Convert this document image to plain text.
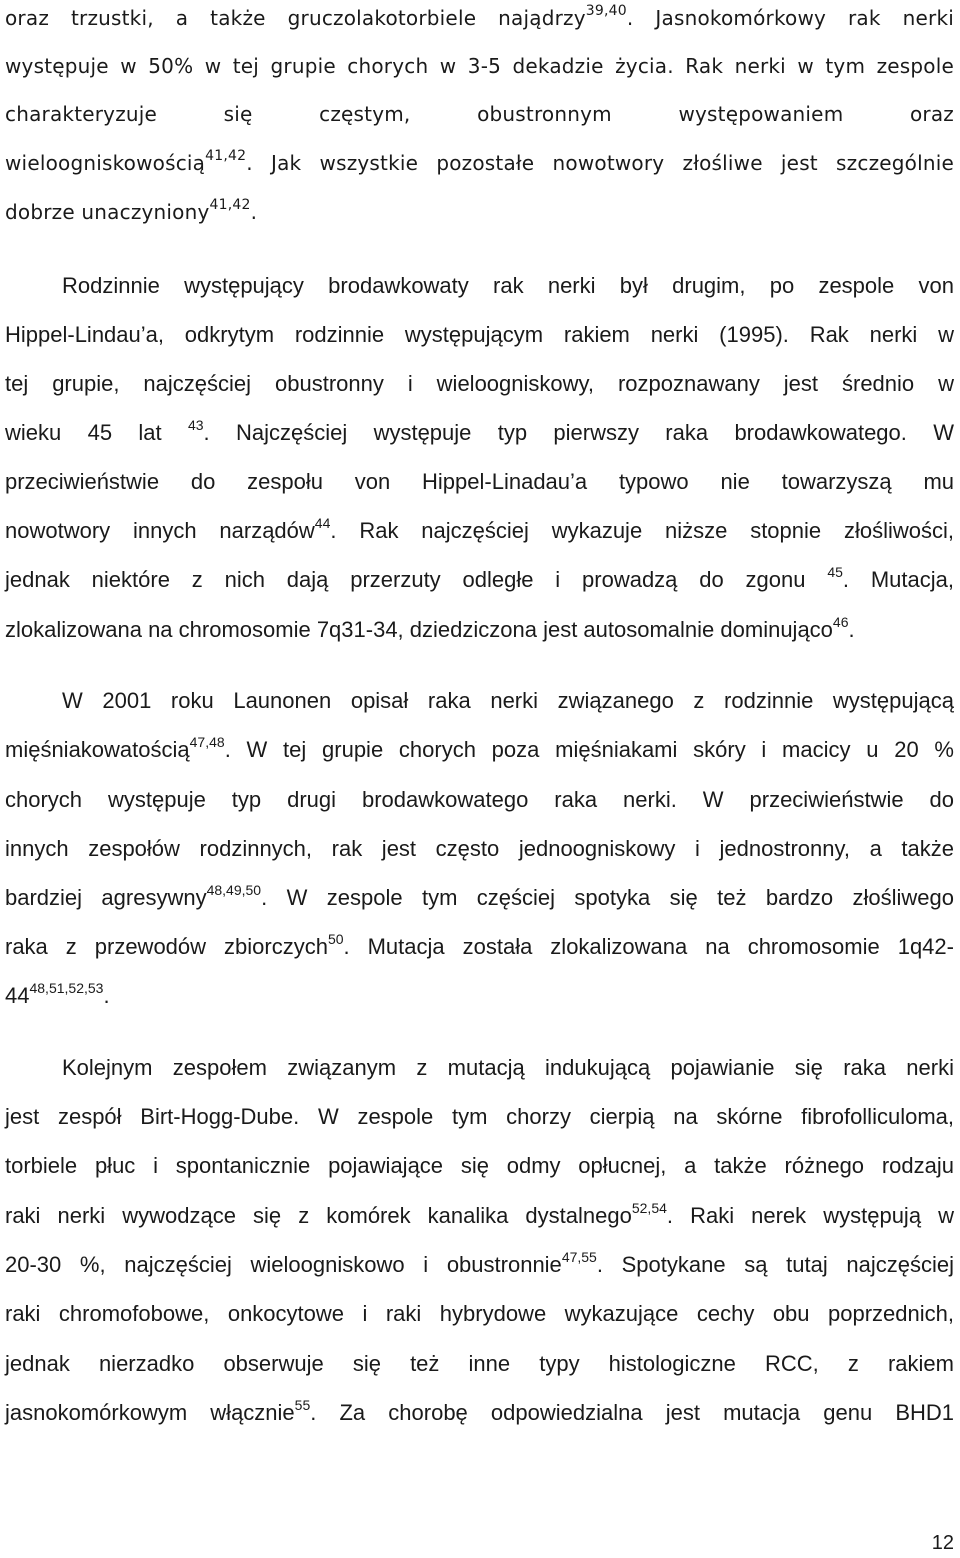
oraz trzustki, a także gruczolakotorbiele najądrzy$^{39,40}$. Jasnokomórkowy rak nerki
występuje w 50% w tej grupie chorych w 3-5 dekadzie życia. Rak nerki w tym zespole
charakteryzuje się częstym, obustronnym występowaniem oraz
wieloogniskowością$^{41,42}$. Jak wszystkie pozostałe nowotwory złośliwe jest szczególnie
dobrze unaczyniony$^{41,42}$.
Rodzinnie występujący brodawkowaty rak nerki był drugim, po zespole von
Hippel-Lindau’a, odkrytym rodzinnie występującym rakiem nerki (1995). Rak nerki w
tej grupie, najczęściej obustronny i wieloogniskowy, rozpoznawany jest średnio w
wieku 45 lat $^{43}$. Najczęściej występuje typ pierwszy raka brodawkowatego. W
przeciwieństwie do zespołu von Hippel-Linadau’a typowo nie towarzyszą mu
nowotwory innych narządów$^{44}$. Rak najczęściej wykazuje niższe stopnie złośliwości,
jednak niektóre z nich dają przerzuty odległe i prowadzą do zgonu $^{45}$. Mutacja,
zlokalizowana na chromosomie 7q31-34, dziedziczona jest autosomalnie dominująco$^{46}$.
W 2001 roku Launonen opisał raka nerki związanego z rodzinnie występującą
mięśniakowatością$^{47,48}$. W tej grupie chorych poza mięśniakami skóry i macicy u 20 %
chorych występuje typ drugi brodawkowatego raka nerki. W przeciwieństwie do
innych zespołów rodzinnych, rak jest często jednoogniskowy i jednostronny, a także
bardziej agresywny$^{48,49,50}$. W zespole tym częściej spotyka się też bardzo złośliwego
raka z przewodów zbiorczych$^{50}$. Mutacja została zlokalizowana na chromosomie 1q42-
44$^{48,51,52,53}$.
Kolejnym zespołem związanym z mutacją indukującą pojawianie się raka nerki
jest zespół Birt-Hogg-Dube. W zespole tym chorzy cierpią na skórne fibrofolliculoma,
torbiele płuc i spontanicznie pojawiające się odmy opłucnej, a także różnego rodzaju
raki nerki wywodzące się z komórek kanalika dystalnego$^{52,54}$. Raki nerek występują w
20-30 %, najczęściej wieloogniskowo i obustronnie$^{47,55}$. Spotykane są tutaj najczęściej
raki chromofobowe, onkocytowe i raki hybrydowe wykazujące cechy obu poprzednich,
jednak nierzadko obserwuje się też inne typy histologiczne RCC, z rakiem
jasnokomórkowym włącznie$^{55}$. Za chorobę odpowiedzialna jest mutacja genu BHD1
12
